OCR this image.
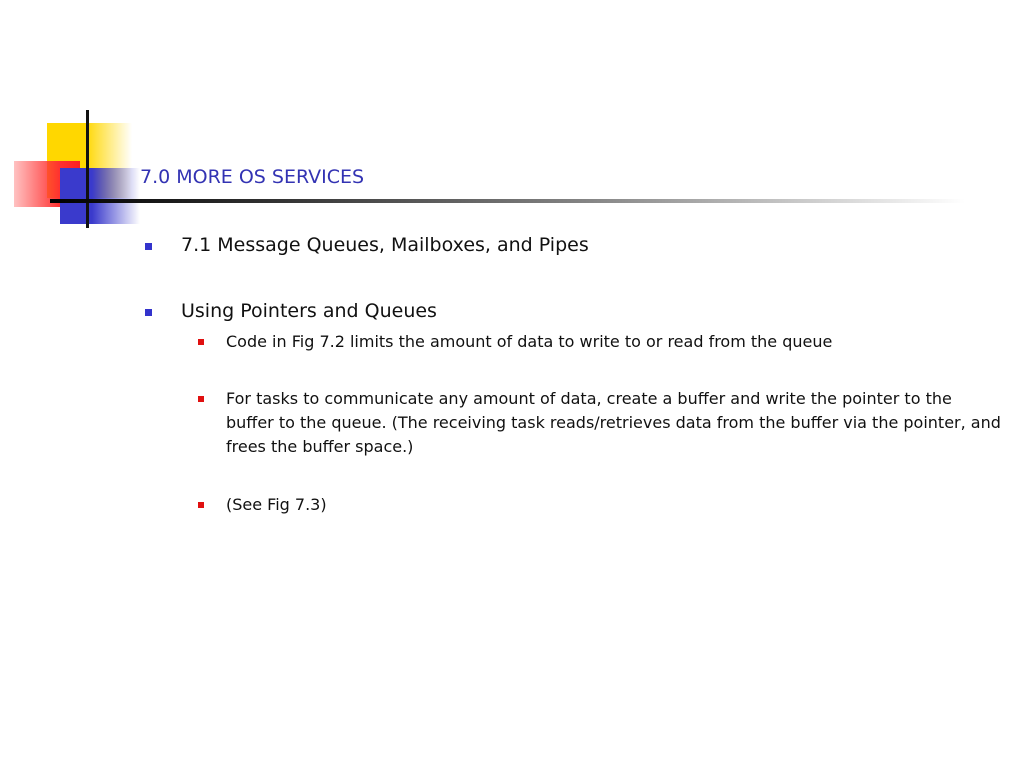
7.0 MORE OS SERVICES
7.1 Message Queues, Mailboxes, and Pipes
Using Pointers and Queues
Code in Fig 7.2 limits the amount of data to write to or read from the queue
For tasks to communicate any amount of data, create a buffer and write the pointer to the buffer to the queue. (The receiving task reads/retrieves data from the buffer via the pointer, and frees the buffer space.)
(See Fig 7.3)
